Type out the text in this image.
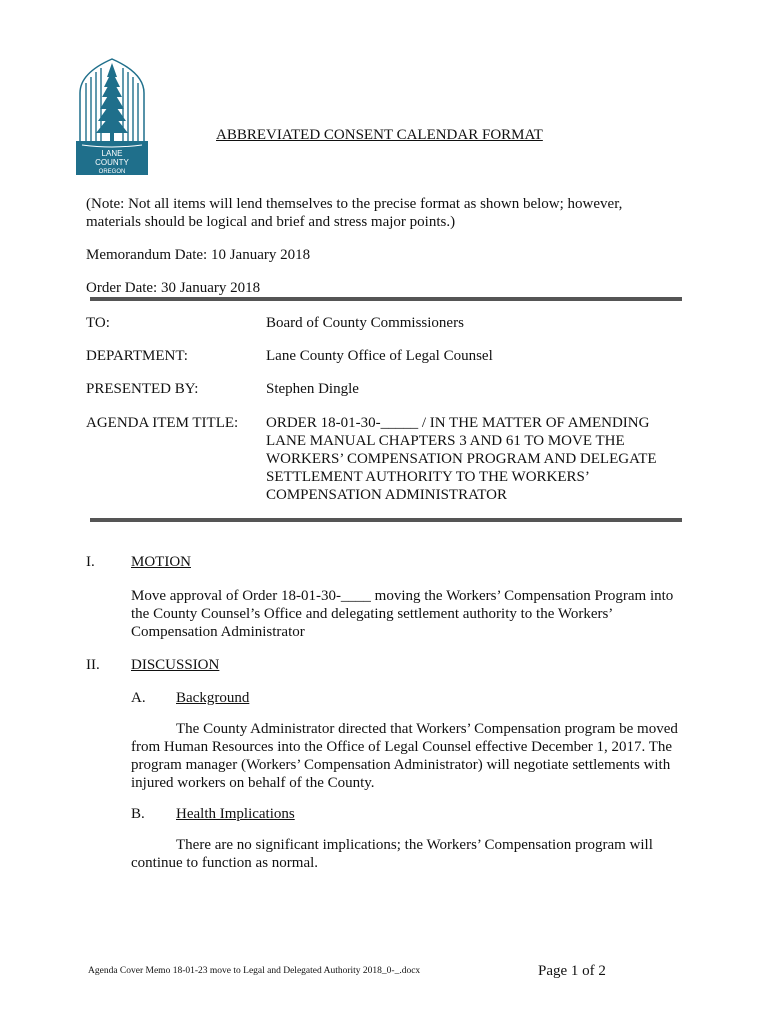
LANE
COUNTY
OREGON
ABBREVIATED CONSENT CALENDAR FORMAT
(Note: Not all items will lend themselves to the precise format as shown below; however,
materials should be logical and brief and stress major points.)
Memorandum Date: 10 January 2018
Order Date: 30 January 2018
TO:	Board of County Commissioners
DEPARTMENT:	Lane County Office of Legal Counsel
PRESENTED BY:	Stephen Dingle
AGENDA ITEM TITLE: ORDER 18-01-30-_____ / IN THE MATTER OF AMENDING
LANE MANUAL CHAPTERS 3 AND 61 TO MOVE THE
WORKERS’ COMPENSATION PROGRAM AND DELEGATE
SETTLEMENT AUTHORITY TO THE WORKERS’
COMPENSATION ADMINISTRATOR
I. MOTION
Move approval of Order 18-01-30-____ moving the Workers’ Compensation Program into
the County Counsel’s Office and delegating settlement authority to the Workers’
Compensation Administrator
II. DISCUSSION
A. Background
The County Administrator directed that Workers’ Compensation program be moved
from Human Resources into the Office of Legal Counsel effective December 1, 2017. The
program manager (Workers’ Compensation Administrator) will negotiate settlements with
injured workers on behalf of the County.
B. Health Implications
There are no significant implications; the Workers’ Compensation program will
continue to function as normal.
Agenda Cover Memo 18-01-23 move to Legal and Delegated Authority 2018_0-_.docx	Page 1 of 2
